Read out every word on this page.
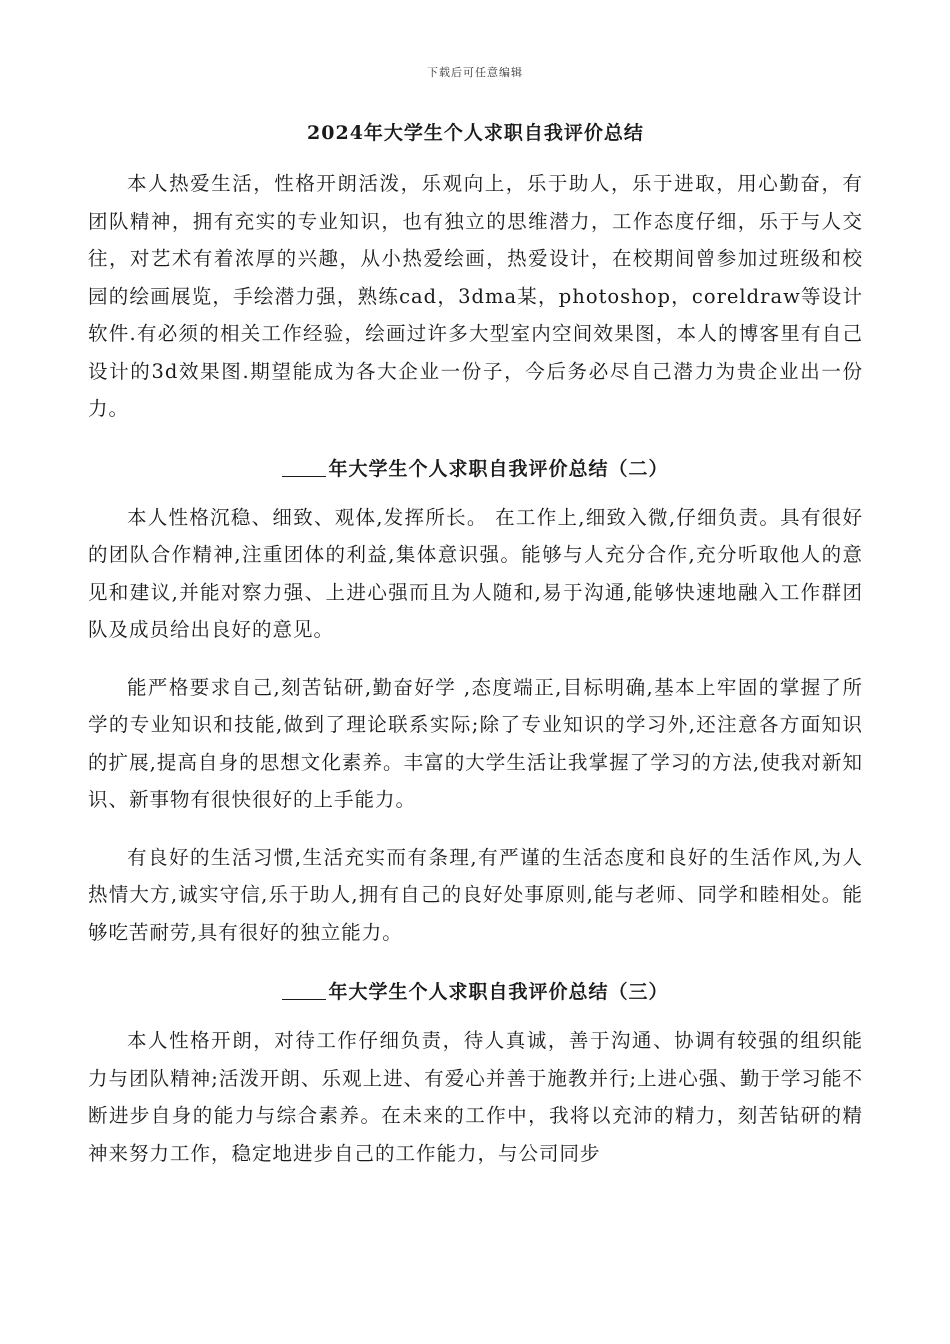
下载后可任意编辑
2024年大学生个人求职自我评价总结

本人热爱生活，性格开朗活泼，乐观向上，乐于助人，乐于进取，用心勤奋，有团队精神，拥有充实的专业知识，也有独立的思维潜力，工作态度仔细，乐于与人交往，对艺术有着浓厚的兴趣，从小热爱绘画，热爱设计，在校期间曾参加过班级和校园的绘画展览，手绘潜力强，熟练cad，3dma某，photoshop，coreldraw等设计软件.有必须的相关工作经验，绘画过许多大型室内空间效果图，本人的博客里有自己设计的3d效果图.期望能成为各大企业一份子，今后务必尽自己潜力为贵企业出一份力。

年大学生个人求职自我评价总结（二）

本人性格沉稳、细致、观体,发挥所长。 在工作上,细致入微,仔细负责。具有很好的团队合作精神,注重团体的利益,集体意识强。能够与人充分合作,充分听取他人的意见和建议,并能对察力强、上进心强而且为人随和,易于沟通,能够快速地融入工作群团队及成员给出良好的意见。

能严格要求自己,刻苦钻研,勤奋好学 ,态度端正,目标明确,基本上牢固的掌握了所学的专业知识和技能,做到了理论联系实际;除了专业知识的学习外,还注意各方面知识的扩展,提高自身的思想文化素养。丰富的大学生活让我掌握了学习的方法,使我对新知识、新事物有很快很好的上手能力。

有良好的生活习惯,生活充实而有条理,有严谨的生活态度和良好的生活作风,为人热情大方,诚实守信,乐于助人,拥有自己的良好处事原则,能与老师、同学和睦相处。能够吃苦耐劳,具有很好的独立能力。

年大学生个人求职自我评价总结（三）

本人性格开朗，对待工作仔细负责，待人真诚，善于沟通、协调有较强的组织能力与团队精神;活泼开朗、乐观上进、有爱心并善于施教并行;上进心强、勤于学习能不断进步自身的能力与综合素养。在未来的工作中，我将以充沛的精力，刻苦钻研的精神来努力工作，稳定地进步自己的工作能力，与公司同步
